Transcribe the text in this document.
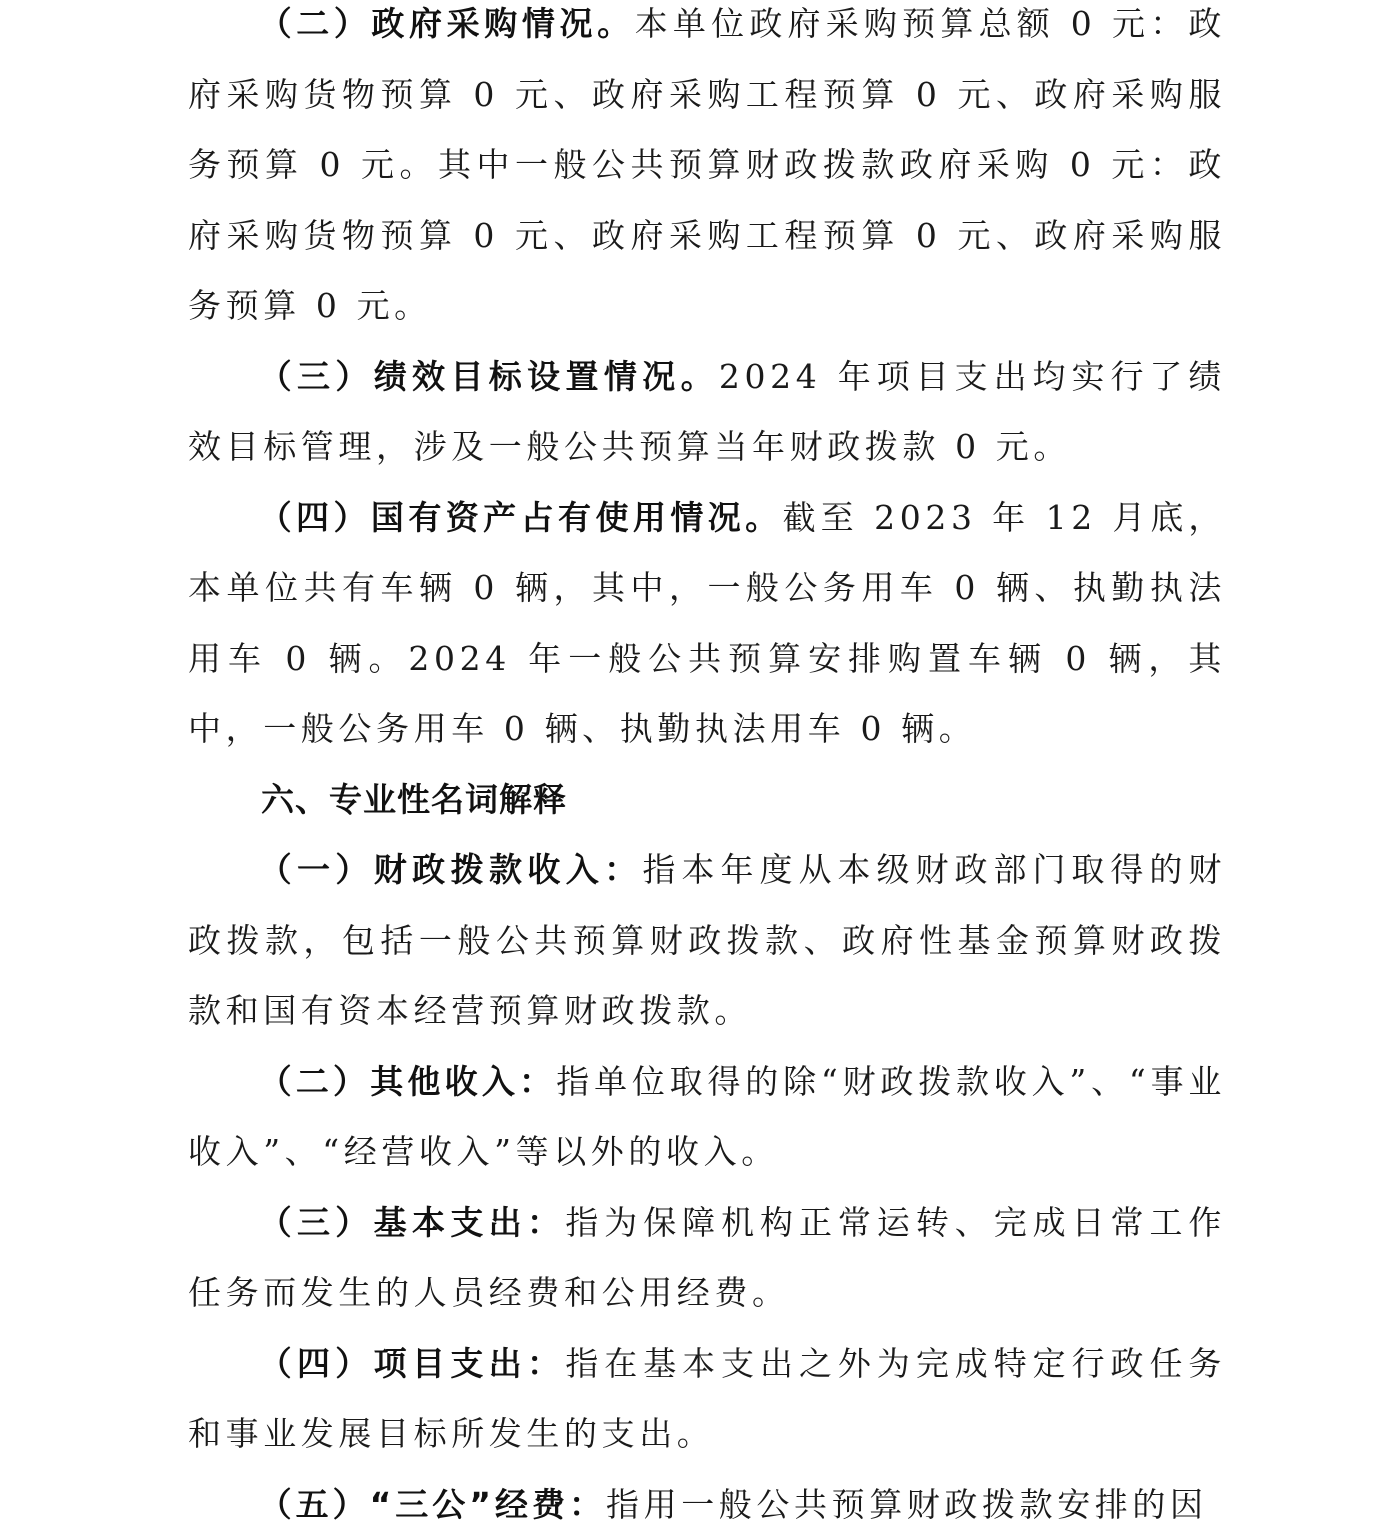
（二）政府采购情况。本单位政府采购预算总额 0 元：政府采购货物预算 0 元、政府采购工程预算 0 元、政府采购服务预算 0 元。其中一般公共预算财政拨款政府采购 0 元：政府采购货物预算 0 元、政府采购工程预算 0 元、政府采购服务预算 0 元。

（三）绩效目标设置情况。2024 年项目支出均实行了绩效目标管理，涉及一般公共预算当年财政拨款 0 元。

（四）国有资产占有使用情况。截至 2023 年 12 月底，本单位共有车辆 0 辆，其中，一般公务用车 0 辆、执勤执法用车 0 辆。2024 年一般公共预算安排购置车辆 0 辆，其中，一般公务用车 0 辆、执勤执法用车 0 辆。

六、专业性名词解释

（一）财政拨款收入：指本年度从本级财政部门取得的财政拨款，包括一般公共预算财政拨款、政府性基金预算财政拨款和国有资本经营预算财政拨款。

（二）其他收入：指单位取得的除“财政拨款收入”、“事业收入”、“经营收入”等以外的收入。

（三）基本支出：指为保障机构正常运转、完成日常工作任务而发生的人员经费和公用经费。

（四）项目支出：指在基本支出之外为完成特定行政任务和事业发展目标所发生的支出。

（五）“三公”经费：指用一般公共预算财政拨款安排的因
